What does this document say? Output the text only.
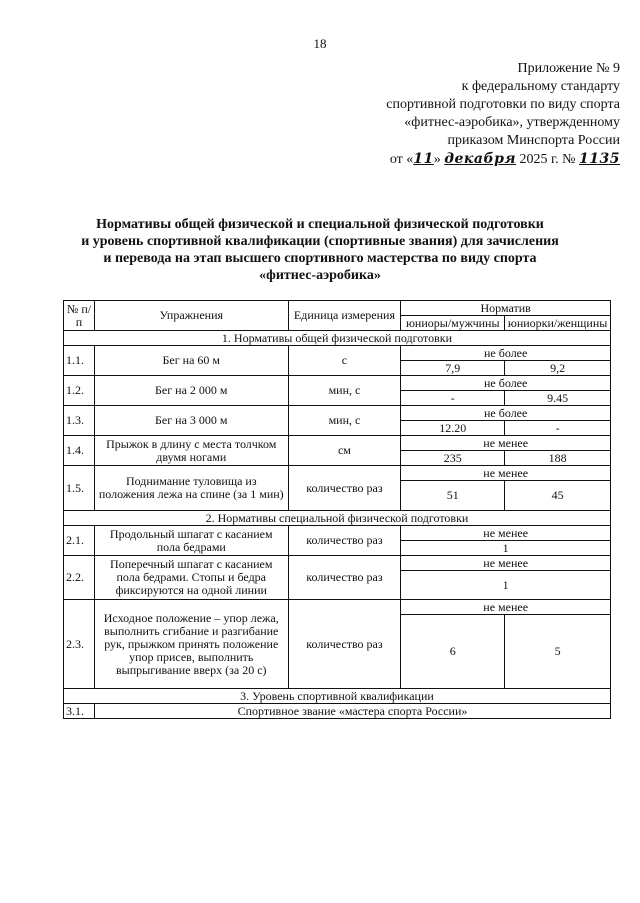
18
Приложение № 9
к федеральному стандарту
спортивной подготовки по виду спорта
«фитнес-аэробика», утвержденному
приказом Минспорта России
от «11» декабря 2025 г. № 1135
Нормативы общей физической и специальной физической подготовки
и уровень спортивной квалификации (спортивные звания) для зачисления
и перевода на этап высшего спортивного мастерства по виду спорта
«фитнес-аэробика»
№ п/п	Упражнения	Единица измерения	Норматив	
			юниоры/мужчины	юниорки/женщины
1. Нормативы общей физической подготовки				
1.1.	Бег на 60 м	с	не более	
			7,9	9,2
1.2.	Бег на 2 000 м	мин, с	не более	
			-	9.45
1.3.	Бег на 3 000 м	мин, с	не более	
			12.20	-
1.4.	Прыжок в длину с места толчком двумя ногами	см	не менее	
			235	188
1.5.	Поднимание туловища из положения лежа на спине (за 1 мин)	количество раз	не менее	
			51	45
2. Нормативы специальной физической подготовки				
2.1.	Продольный шпагат с касанием пола бедрами	количество раз	не менее	
			1	
2.2.	Поперечный шпагат с касанием пола бедрами. Стопы и бедра фиксируются на одной линии	количество раз	не менее	
			1	
2.3.	Исходное положение – упор лежа, выполнить сгибание и разгибание рук, прыжком принять положение упор присев, выполнить выпрыгивание вверх (за 20 с)	количество раз	не менее	
			6	5
3. Уровень спортивной квалификации				
3.1.	Спортивное звание «мастера спорта России»			
